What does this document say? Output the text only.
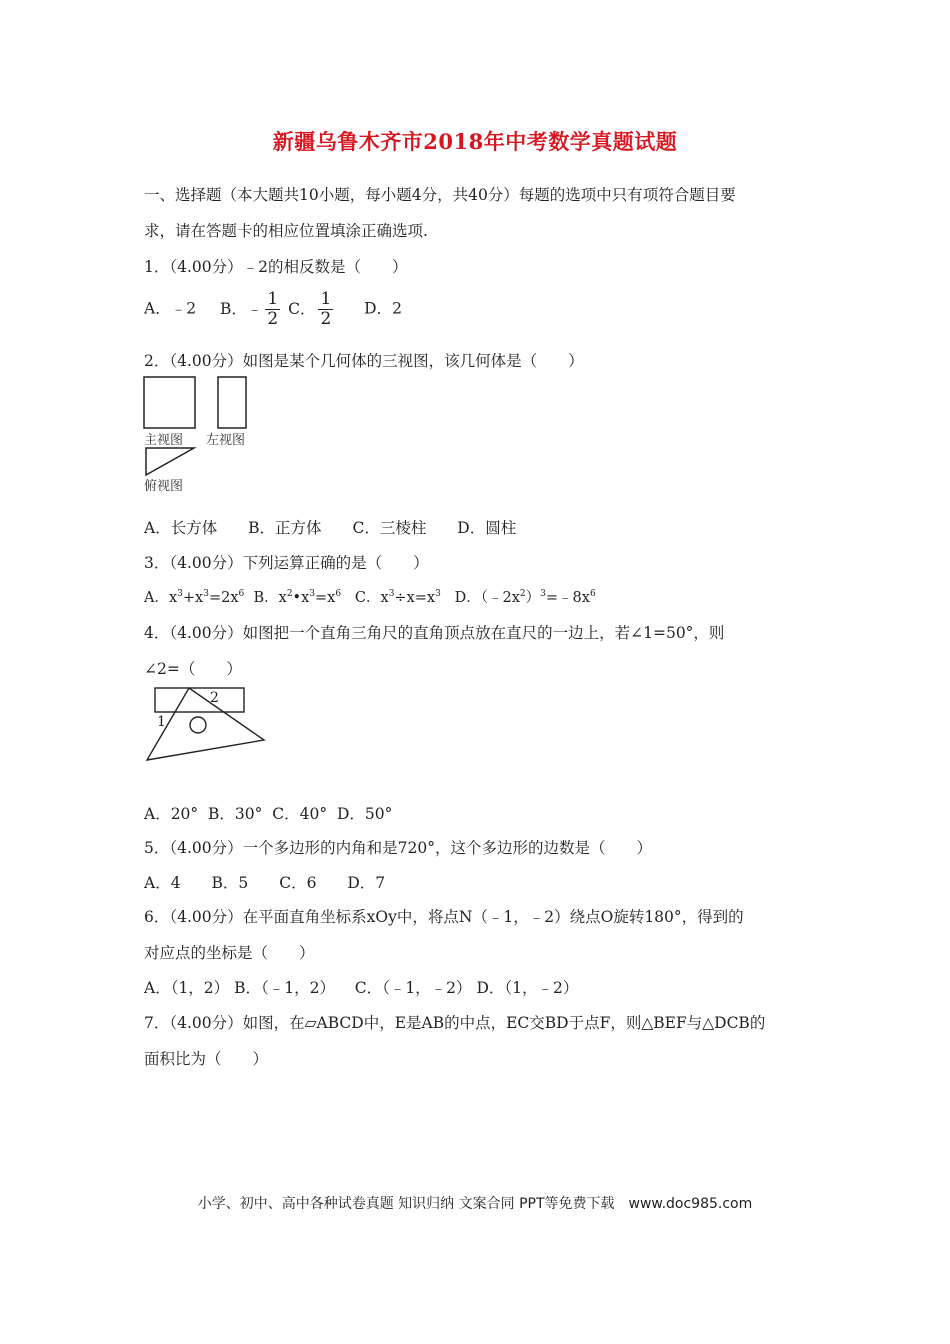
新疆乌鲁木齐市2018年中考数学真题试题
一、选择题（本大题共10小题，每小题4分，共40分）每题的选项中只有项符合题目要
求，请在答题卡的相应位置填涂正确选项.
1．（4.00分）﹣2的相反数是（　　）
A．﹣2 B．﹣ $\frac{1}{2}$ C． $\frac{1}{2}$ D．2
2．（4.00分）如图是某个几何体的三视图，该几何体是（　　）
主视图 左视图
俯视图
A．长方体 B．正方体 C．三棱柱 D．圆柱
3．（4.00分）下列运算正确的是（　　）
A．$x^3+x^3=2x^6$ B．$x^2•x^3=x^6$ C．$x^3\div x=x^3$ D．$(﹣2x^2)^3=﹣8x^6$
4．（4.00分）如图把一个直角三角尺的直角顶点放在直尺的一边上，若∠1=50°，则
∠2=（　　）
1
2
A．20° B．30° C．40° D．50°
5．（4.00分）一个多边形的内角和是720°，这个多边形的边数是（　　）
A．4 B．5 C．6 D．7
6．（4.00分）在平面直角坐标系xOy中，将点N（﹣1，﹣2）绕点O旋转180°，得到的
对应点的坐标是（　　）
A．（1，2） B．（﹣1，2） C．（﹣1，﹣2） D．（1，﹣2）
7．（4.00分）如图，在▱ABCD中，E是AB的中点，EC交BD于点F，则△BEF与△DCB的
面积比为（　　）
小学、初中、高中各种试卷真题 知识归纳 文案合同 PPT等免费下载　www.doc985.com
